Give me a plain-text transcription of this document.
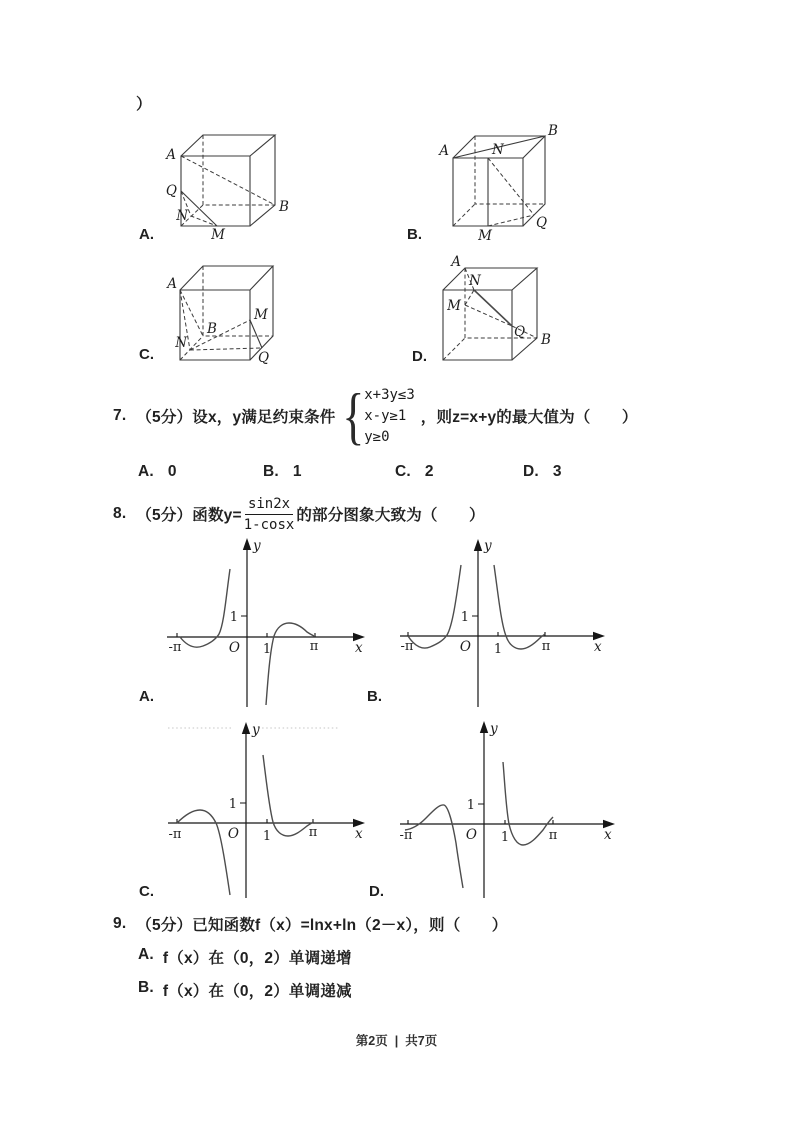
）
A
Q
N
M
B
A.
A
B
N
M
Q
B.
A
B
N
M
Q
C.
A
N
M
Q B
D.
7. （5分）设x，y满足约束条件 { x+3y≤3
x-y≥1
y≥0
，则z=x+y的最大值为（　　）
A. 0	B. 1	C. 2	D. 3
8. （5分）函数$y= \frac{\sin 2x}{1-\cos x}$ 的部分图象大致为（　　）
y
x
O
-π	1	π
1
A.
y
x
O
-π	1	π
1
B.
y
x
O
-π	1	π
1
C.
y
x
O
-π	1	π
1
D.
9. （5分）已知函数f（x）=lnx+ln（2－x），则（　　）
A. f（x）在（0，2）单调递增
B. f（x）在（0，2）单调递减
第2页 | 共7页
